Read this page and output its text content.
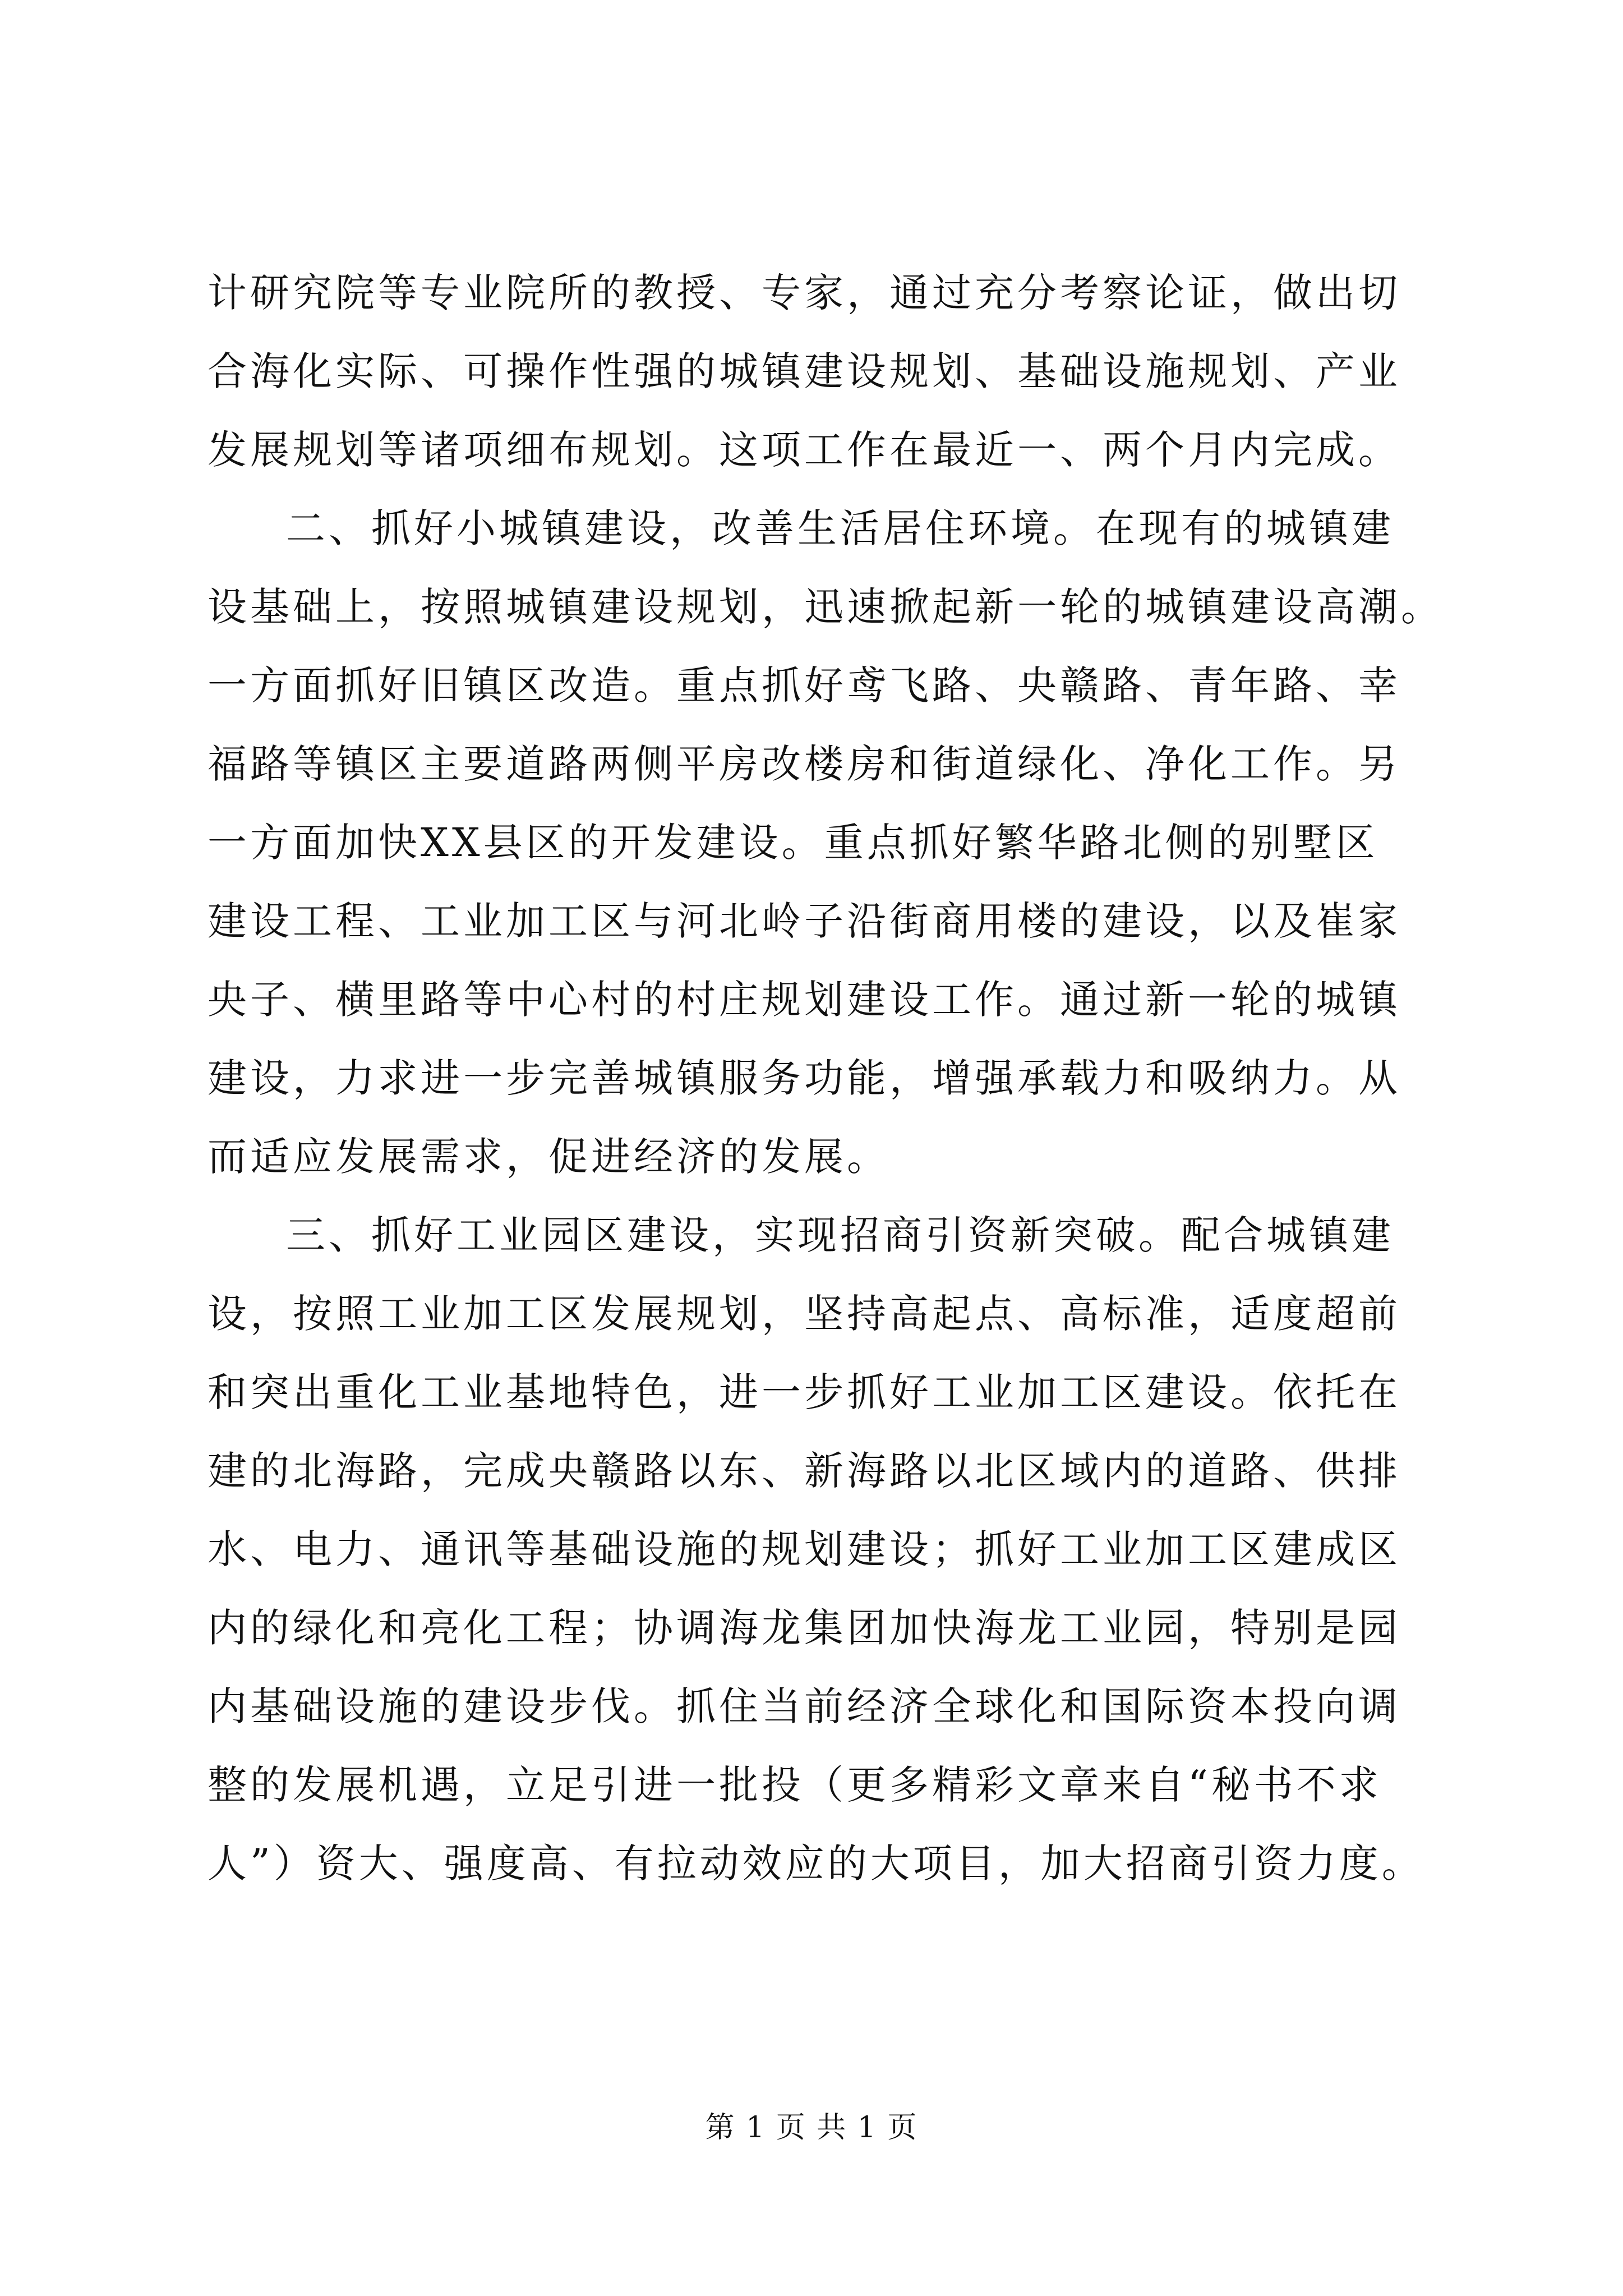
计研究院等专业院所的教授、专家，通过充分考察论证，做出切
合海化实际、可操作性强的城镇建设规划、基础设施规划、产业
发展规划等诸项细布规划。这项工作在最近一、两个月内完成。
二、抓好小城镇建设，改善生活居住环境。在现有的城镇建
设基础上，按照城镇建设规划，迅速掀起新一轮的城镇建设高潮。
一方面抓好旧镇区改造。重点抓好鸢飞路、央赣路、青年路、幸
福路等镇区主要道路两侧平房改楼房和街道绿化、净化工作。另
一方面加快XX县区的开发建设。重点抓好繁华路北侧的别墅区
建设工程、工业加工区与河北岭子沿街商用楼的建设，以及崔家
央子、横里路等中心村的村庄规划建设工作。通过新一轮的城镇
建设，力求进一步完善城镇服务功能，增强承载力和吸纳力。从
而适应发展需求，促进经济的发展。
三、抓好工业园区建设，实现招商引资新突破。配合城镇建
设，按照工业加工区发展规划，坚持高起点、高标准，适度超前
和突出重化工业基地特色，进一步抓好工业加工区建设。依托在
建的北海路，完成央赣路以东、新海路以北区域内的道路、供排
水、电力、通讯等基础设施的规划建设；抓好工业加工区建成区
内的绿化和亮化工程；协调海龙集团加快海龙工业园，特别是园
内基础设施的建设步伐。抓住当前经济全球化和国际资本投向调
整的发展机遇，立足引进一批投（更多精彩文章来自“秘书不求
人”）资大、强度高、有拉动效应的大项目，加大招商引资力度。
第 1 页 共 1 页
